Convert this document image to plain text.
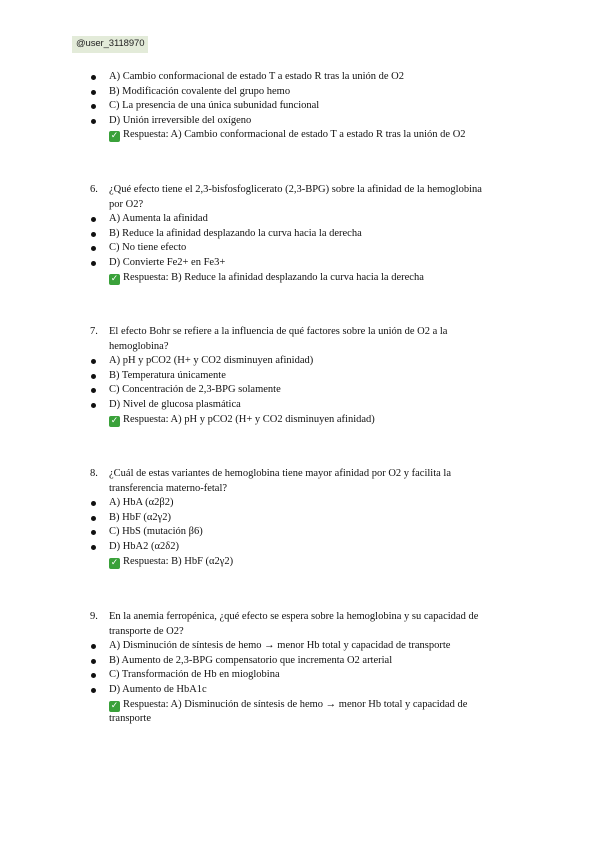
@user_3118970
A) Cambio conformacional de estado T a estado R tras la unión de O2
B) Modificación covalente del grupo hemo
C) La presencia de una única subunidad funcional
D) Unión irreversible del oxígeno
✓ Respuesta: A) Cambio conformacional de estado T a estado R tras la unión de O2
6. ¿Qué efecto tiene el 2,3-bisfosfoglicerato (2,3-BPG) sobre la afinidad de la hemoglobina por O2?
A) Aumenta la afinidad
B) Reduce la afinidad desplazando la curva hacia la derecha
C) No tiene efecto
D) Convierte Fe2+ en Fe3+
✓ Respuesta: B) Reduce la afinidad desplazando la curva hacia la derecha
7. El efecto Bohr se refiere a la influencia de qué factores sobre la unión de O2 a la hemoglobina?
A) pH y pCO2 (H+ y CO2 disminuyen afinidad)
B) Temperatura únicamente
C) Concentración de 2,3-BPG solamente
D) Nivel de glucosa plasmática
✓ Respuesta: A) pH y pCO2 (H+ y CO2 disminuyen afinidad)
8. ¿Cuál de estas variantes de hemoglobina tiene mayor afinidad por O2 y facilita la transferencia materno-fetal?
A) HbA (α2β2)
B) HbF (α2γ2)
C) HbS (mutación β6)
D) HbA2 (α2δ2)
✓ Respuesta: B) HbF (α2γ2)
9. En la anemia ferropénica, ¿qué efecto se espera sobre la hemoglobina y su capacidad de transporte de O2?
A) Disminución de síntesis de hemo → menor Hb total y capacidad de transporte
B) Aumento de 2,3-BPG compensatorio que incrementa O2 arterial
C) Transformación de Hb en mioglobina
D) Aumento de HbA1c
✓ Respuesta: A) Disminución de síntesis de hemo → menor Hb total y capacidad de transporte
